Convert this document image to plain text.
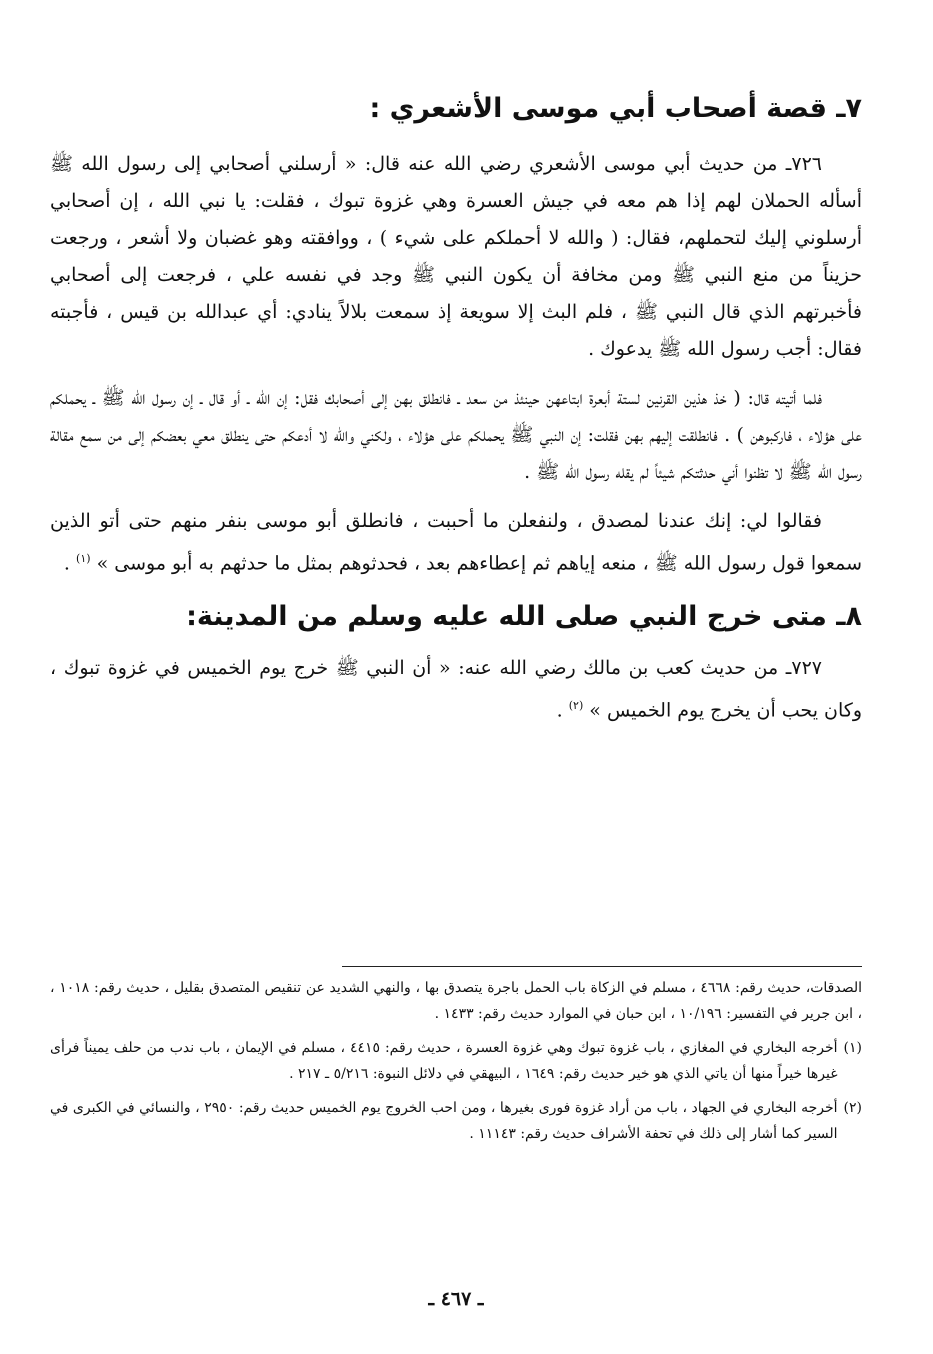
٧ـ قصة أصحاب أبي موسى الأشعري :

٧٢٦ـ من حديث أبي موسى الأشعري رضي الله عنه قال: « أرسلني أصحابي إلى رسول الله ﷺ أسأله الحملان لهم إذا هم معه في جيش العسرة وهي غزوة تبوك ، فقلت: يا نبي الله ، إن أصحابي أرسلوني إليك لتحملهم، فقال: ( والله لا أحملكم على شيء ) ، ووافقته وهو غضبان ولا أشعر ، ورجعت حزيناً من منع النبي ﷺ ومن مخافة أن يكون النبي ﷺ وجد في نفسه علي ، فرجعت إلى أصحابي فأخبرتهم الذي قال النبي ﷺ ، فلم البث إلا سويعة إذ سمعت بلالاً ينادي: أي عبدالله بن قيس ، فأجبته فقال: أجب رسول الله ﷺ يدعوك .

فلما أتيته قال: ( خذ هذين القرنين لستة أبعرة ابتاعهن حينئذ من سعد ـ فانطلق بهن إلى أصحابك فقل: إن الله ـ أو قال ـ إن رسول الله ﷺ ـ يحملكم على هؤلاء ، فاركبوهن ) . فانطلقت إليهم بهن فقلت: إن النبي ﷺ يحملكم على هؤلاء ، ولكني والله لا أدعكم حتى ينطلق معي بعضكم إلى من سمع مقالة رسول الله ﷺ لا تظنوا أني حدثتكم شيئاً لم يقله رسول الله ﷺ .

فقالوا لي: إنك عندنا لمصدق ، ولنفعلن ما أحببت ، فانطلق أبو موسى بنفر منهم حتى أتو الذين سمعوا قول رسول الله ﷺ ، منعه إياهم ثم إعطاءهم بعد ، فحدثوهم بمثل ما حدثهم به أبو موسى » $^{(١)}$ .

٨ـ متى خرج النبي صلى الله عليه وسلم من المدينة:

٧٢٧ـ من حديث كعب بن مالك رضي الله عنه: « أن النبي ﷺ خرج يوم الخميس في غزوة تبوك ، وكان يحب أن يخرج يوم الخميس » $^{(٢)}$ .

الصدقات، حديث رقم: ٤٦٦٨ ، مسلم في الزكاة باب الحمل باجرة يتصدق بها ، والنهي الشديد عن تنقيص المتصدق بقليل ، حديث رقم: ١٠١٨ ، ، ابن جرير في التفسير: ١٠/١٩٦ ، ابن حبان في الموارد حديث رقم: ١٤٣٣ .
(١)
أخرجه البخاري في المغازي ، باب غزوة تبوك وهي غزوة العسرة ، حديث رقم: ٤٤١٥ ، مسلم في الإيمان ، باب ندب من حلف يميناً فرأى غيرها خيراً منها أن ياتي الذي هو خير حديث رقم: ١٦٤٩ ، البيهقي في دلائل النبوة: ٥/٢١٦ ـ ٢١٧ .
(٢)
أخرجه البخاري في الجهاد ، باب من أراد غزوة فورى بغيرها ، ومن احب الخروج يوم الخميس حديث رقم: ٢٩٥٠ ، والنسائي في الكبرى في السير كما أشار إلى ذلك في تحفة الأشراف حديث رقم: ١١١٤٣ .
ـ ٤٦٧ ـ
